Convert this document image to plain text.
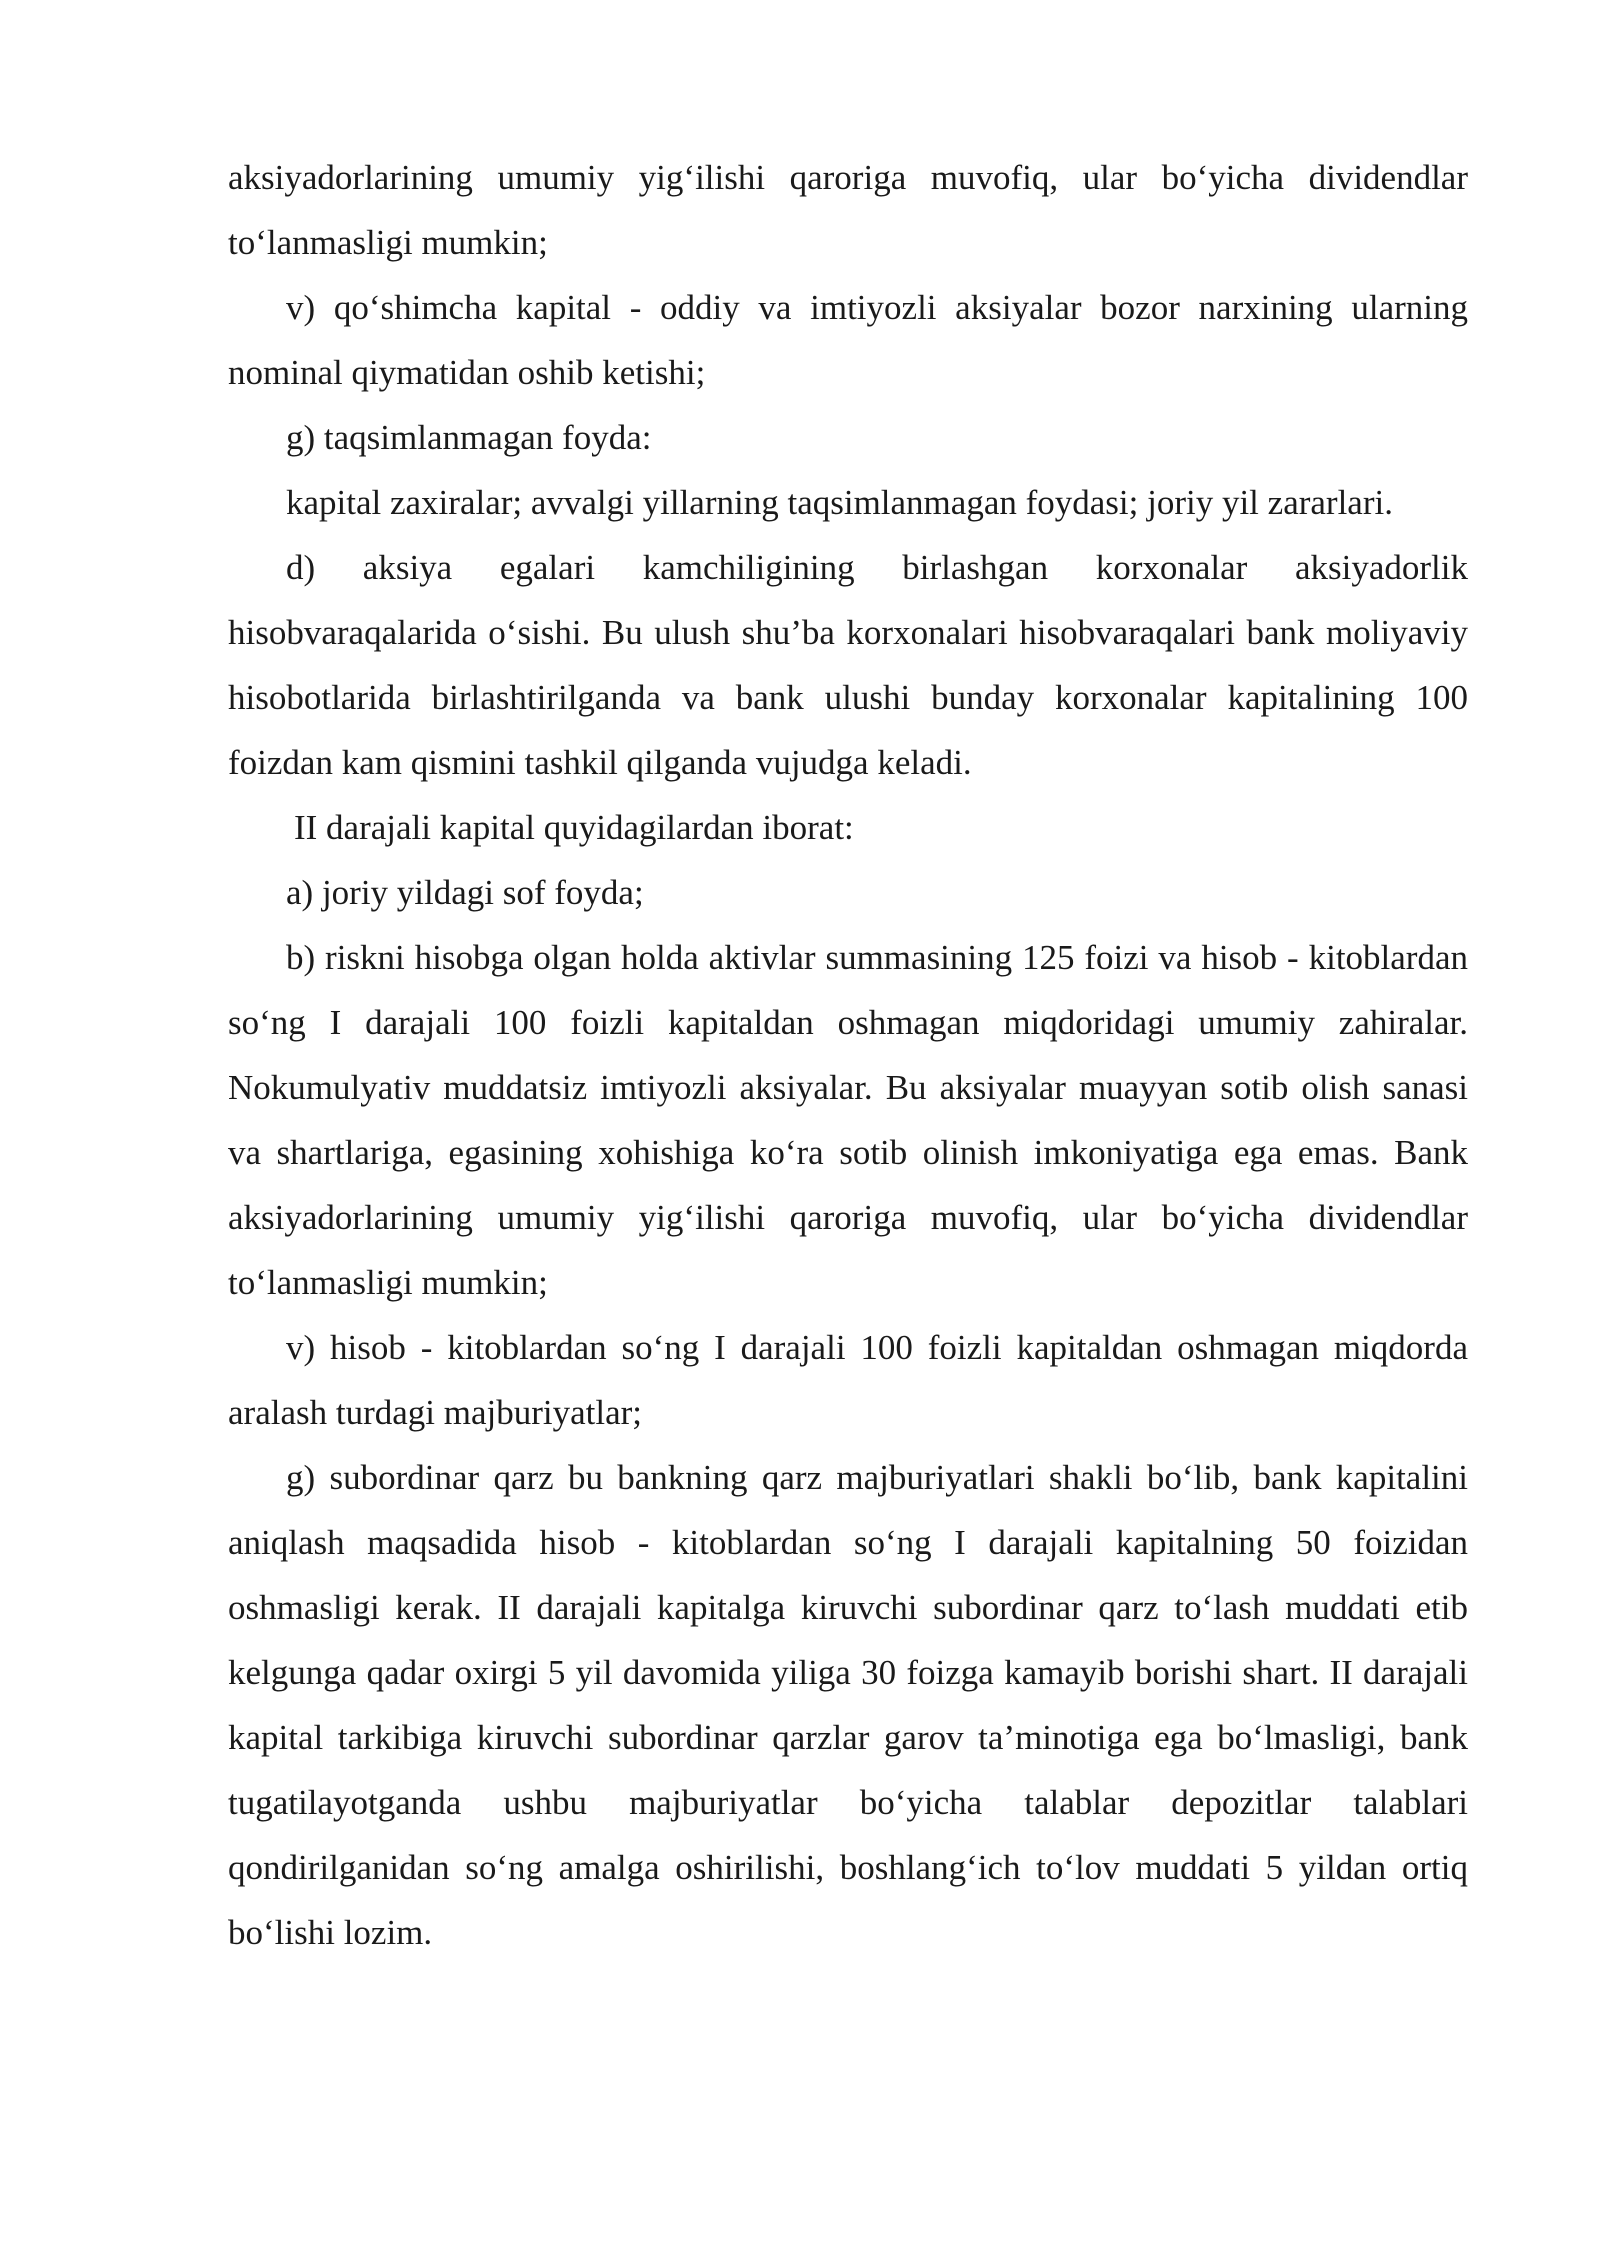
aksiyadorlarining umumiy yig‘ilishi qaroriga muvofiq, ular bo‘yicha dividendlar to‘lanmasligi mumkin;

v) qo‘shimcha kapital - oddiy va imtiyozli aksiyalar bozor narxining ularning nominal qiymatidan oshib ketishi;

g) taqsimlanmagan foyda:

kapital zaxiralar; avvalgi yillarning taqsimlanmagan foydasi; joriy yil zararlari.

d) aksiya egalari kamchiligining birlashgan korxonalar aksiyadorlik hisobvaraqalarida o‘sishi. Bu ulush shu’ba korxonalari hisobvaraqalari bank moliyaviy hisobotlarida birlashtirilganda va bank ulushi bunday korxonalar kapitalining 100 foizdan kam qismini tashkil qilganda vujudga keladi.

II darajali kapital quyidagilardan iborat:

a) joriy yildagi sof foyda;

b) riskni hisobga olgan holda aktivlar summasining 125 foizi va hisob - kitoblardan so‘ng I darajali 100 foizli kapitaldan oshmagan miqdoridagi umumiy zahiralar. Nokumulyativ muddatsiz imtiyozli aksiyalar. Bu aksiyalar muayyan sotib olish sanasi va shartlariga, egasining xohishiga ko‘ra sotib olinish imkoniyatiga ega emas. Bank aksiyadorlarining umumiy yig‘ilishi qaroriga muvofiq, ular bo‘yicha dividendlar to‘lanmasligi mumkin;

v) hisob - kitoblardan so‘ng I darajali 100 foizli kapitaldan oshmagan miqdorda aralash turdagi majburiyatlar;

g) subordinar qarz bu bankning qarz majburiyatlari shakli bo‘lib, bank kapitalini aniqlash maqsadida hisob - kitoblardan so‘ng I darajali kapitalning 50 foizidan oshmasligi kerak. II darajali kapitalga kiruvchi subordinar qarz to‘lash muddati etib kelgunga qadar oxirgi 5 yil davomida yiliga 30 foizga kamayib borishi shart. II darajali kapital tarkibiga kiruvchi subordinar qarzlar garov ta’minotiga ega bo‘lmasligi, bank tugatilayotganda ushbu majburiyatlar bo‘yicha talablar depozitlar talablari qondirilganidan so‘ng amalga oshirilishi, boshlang‘ich to‘lov muddati 5 yildan ortiq bo‘lishi lozim.
